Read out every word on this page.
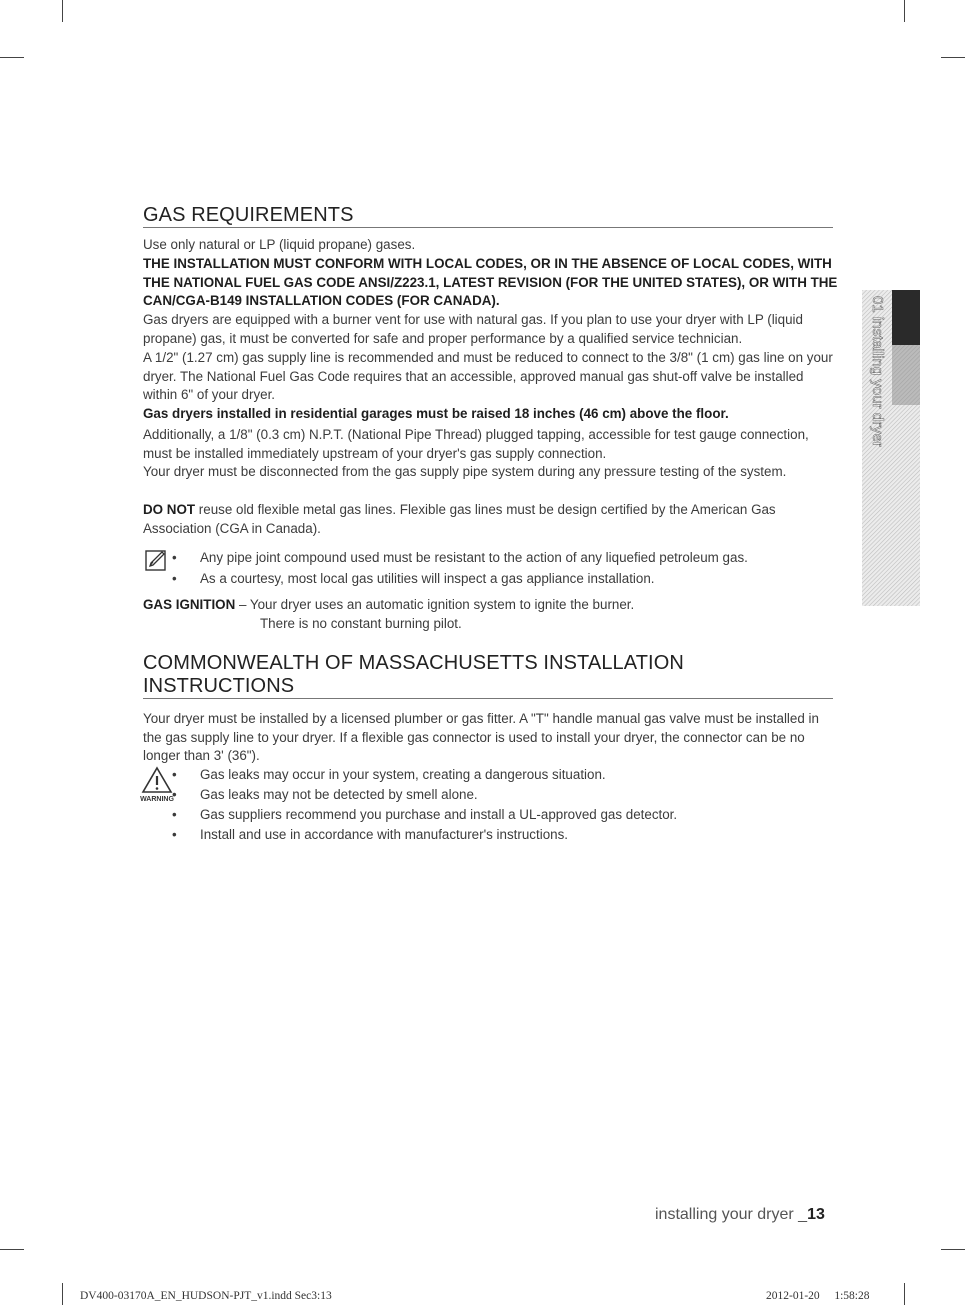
GAS REQUIREMENTS

Use only natural or LP (liquid propane) gases.

THE INSTALLATION MUST CONFORM WITH LOCAL CODES, OR IN THE ABSENCE OF LOCAL CODES, WITH THE NATIONAL FUEL GAS CODE ANSI/Z223.1, LATEST REVISION (FOR THE UNITED STATES), OR WITH THE CAN/CGA-B149 INSTALLATION CODES (FOR CANADA).

Gas dryers are equipped with a burner vent for use with natural gas. If you plan to use your dryer with LP (liquid propane) gas, it must be converted for safe and proper performance by a qualified service technician.

A 1/2" (1.27 cm) gas supply line is recommended and must be reduced to connect to the 3/8" (1 cm) gas line on your dryer. The National Fuel Gas Code requires that an accessible, approved manual gas shut-off valve be installed within 6" of your dryer.

Gas dryers installed in residential garages must be raised 18 inches (46 cm) above the floor.

Additionally, a 1/8" (0.3 cm) N.P.T. (National Pipe Thread) plugged tapping, accessible for test gauge connection, must be installed immediately upstream of your dryer's gas supply connection.

Your dryer must be disconnected from the gas supply pipe system during any pressure testing of the system.

DO NOT reuse old flexible metal gas lines. Flexible gas lines must be design certified by the American Gas Association (CGA in Canada).

• Any pipe joint compound used must be resistant to the action of any liquefied petroleum gas.
• As a courtesy, most local gas utilities will inspect a gas appliance installation.

GAS IGNITION – Your dryer uses an automatic ignition system to ignite the burner.

There is no constant burning pilot.

COMMONWEALTH OF MASSACHUSETTS INSTALLATION
INSTRUCTIONS

Your dryer must be installed by a licensed plumber or gas fitter. A "T" handle manual gas valve must be installed in the gas supply line to your dryer. If a flexible gas connector is used to install your dryer, the connector can be no longer than 3' (36").

WARNING
• Gas leaks may occur in your system, creating a dangerous situation.
• Gas leaks may not be detected by smell alone.
• Gas suppliers recommend you purchase and install a UL-approved gas detector.
• Install and use in accordance with manufacturer's instructions.
01 installing your dryer
installing your dryer _13
DV400-03170A_EN_HUDSON-PJT_v1.indd Sec3:13	2012-01-20   1:58:28
